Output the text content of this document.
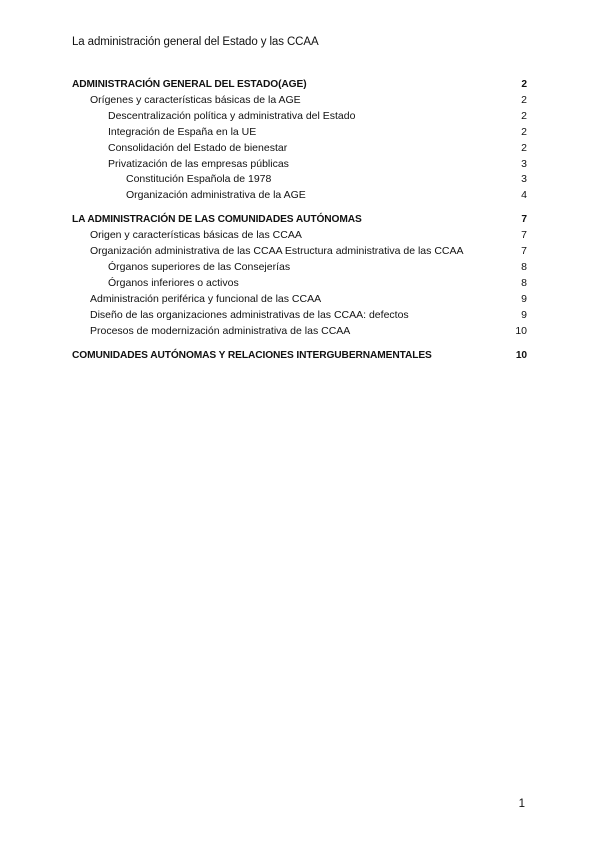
La administración general del Estado y las CCAA
ADMINISTRACIÓN GENERAL DEL ESTADO(AGE)	2
Orígenes y características básicas de la AGE	2
Descentralización política y administrativa del Estado	2
Integración de España en la UE	2
Consolidación del Estado de bienestar	2
Privatización de las empresas públicas	3
Constitución Española de 1978	3
Organización administrativa de la AGE	4
LA ADMINISTRACIÓN DE LAS COMUNIDADES AUTÓNOMAS	7
Origen y características básicas de las CCAA	7
Organización administrativa de las CCAA Estructura administrativa de las CCAA	7
Órganos superiores de las Consejerías	8
Órganos inferiores o activos	8
Administración periférica y funcional de las CCAA	9
Diseño de las organizaciones administrativas de las CCAA: defectos	9
Procesos de modernización administrativa de las CCAA	10
COMUNIDADES AUTÓNOMAS Y RELACIONES INTERGUBERNAMENTALES	10
1
